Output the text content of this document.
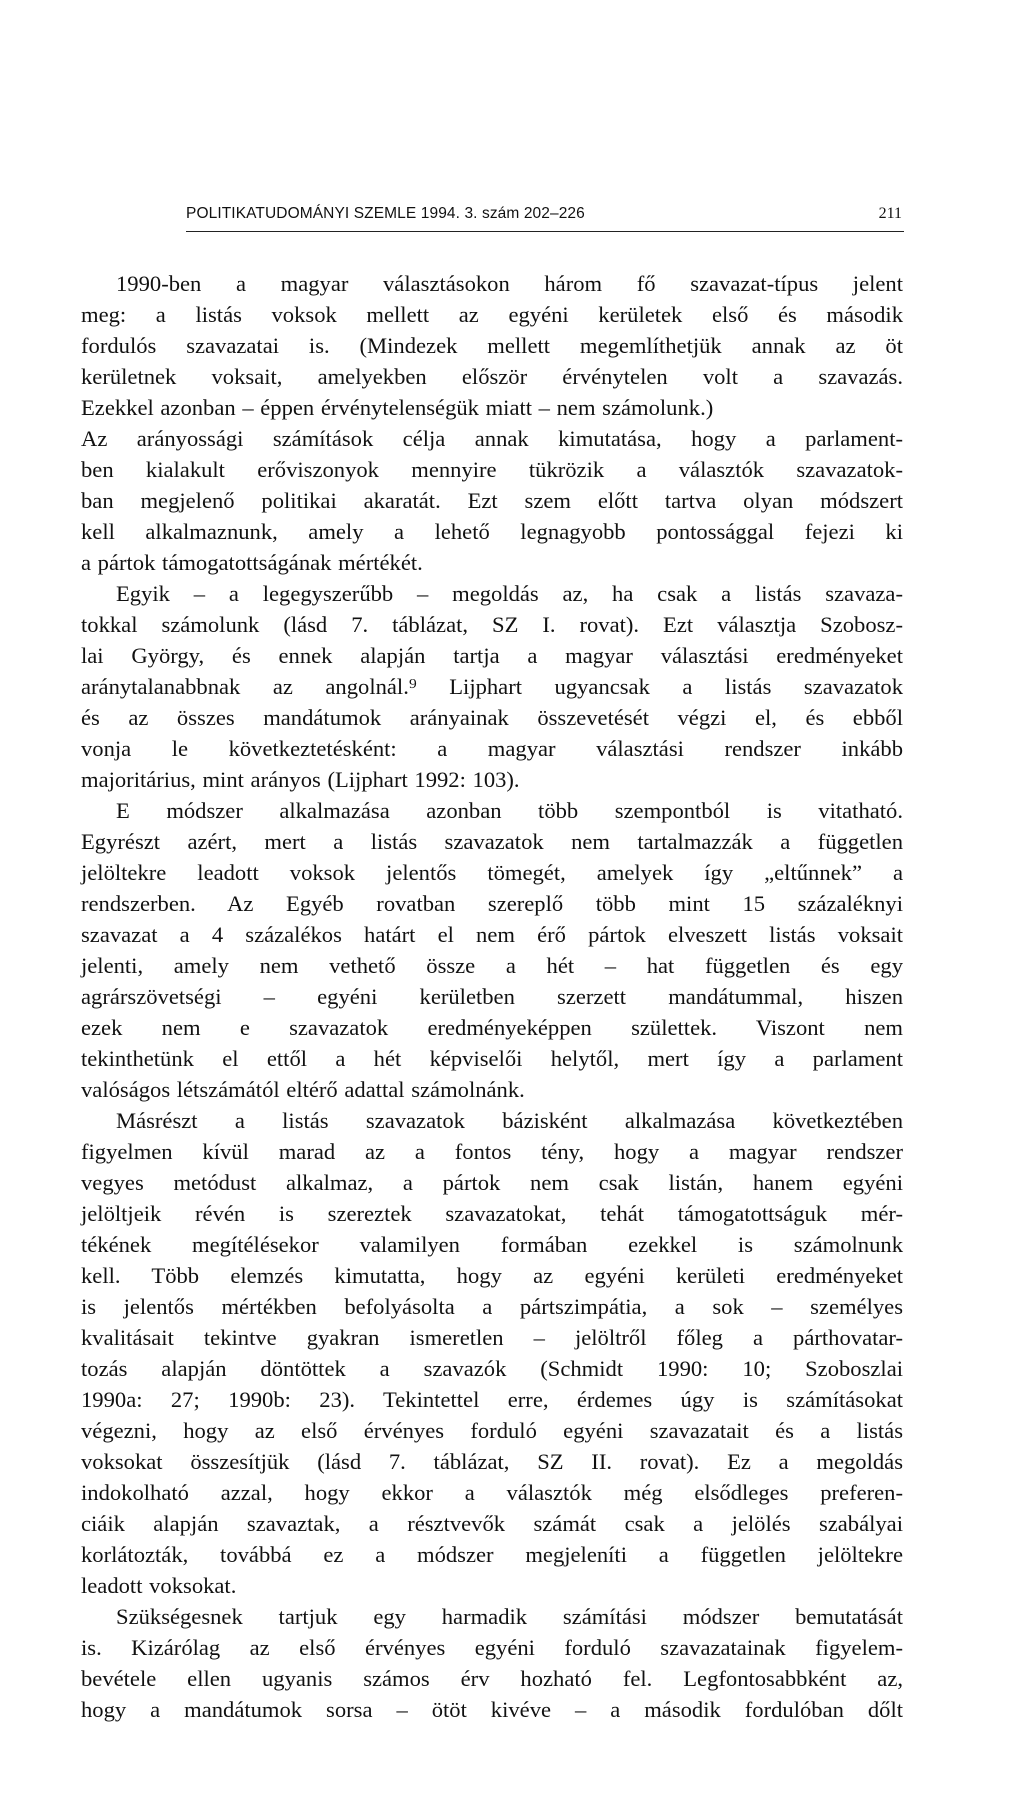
POLITIKATUDOMÁNYI SZEMLE 1994. 3. szám 202–226	211
1990-ben a magyar választásokon három fő szavazat-típus jelent
meg: a listás voksok mellett az egyéni kerületek első és második
fordulós szavazatai is. (Mindezek mellett megemlíthetjük annak az öt
kerületnek voksait, amelyekben először érvénytelen volt a szavazás.
Ezekkel azonban – éppen érvénytelenségük miatt – nem számolunk.)
Az arányossági számítások célja annak kimutatása, hogy a parlament-
ben kialakult erőviszonyok mennyire tükrözik a választók szavazatok-
ban megjelenő politikai akaratát. Ezt szem előtt tartva olyan módszert
kell alkalmaznunk, amely a lehető legnagyobb pontossággal fejezi ki
a pártok támogatottságának mértékét.
Egyik – a legegyszerűbb – megoldás az, ha csak a listás szavaza-
tokkal számolunk (lásd 7. táblázat, SZ I. rovat). Ezt választja Szobosz-
lai György, és ennek alapján tartja a magyar választási eredményeket
aránytalanabbnak az angolnál.⁹ Lijphart ugyancsak a listás szavazatok
és az összes mandátumok arányainak összevetését végzi el, és ebből
vonja le következtetésként: a magyar választási rendszer inkább
majoritárius, mint arányos (Lijphart 1992: 103).
E módszer alkalmazása azonban több szempontból is vitatható.
Egyrészt azért, mert a listás szavazatok nem tartalmazzák a független
jelöltekre leadott voksok jelentős tömegét, amelyek így „eltűnnek” a
rendszerben. Az Egyéb rovatban szereplő több mint 15 százaléknyi
szavazat a 4 százalékos határt el nem érő pártok elveszett listás voksait
jelenti, amely nem vethető össze a hét – hat független és egy
agrárszövetségi – egyéni kerületben szerzett mandátummal, hiszen
ezek nem e szavazatok eredményeképpen születtek. Viszont nem
tekinthetünk el ettől a hét képviselői helytől, mert így a parlament
valóságos létszámától eltérő adattal számolnánk.
Másrészt a listás szavazatok bázisként alkalmazása következtében
figyelmen kívül marad az a fontos tény, hogy a magyar rendszer
vegyes metódust alkalmaz, a pártok nem csak listán, hanem egyéni
jelöltjeik révén is szereztek szavazatokat, tehát támogatottságuk mér-
tékének megítélésekor valamilyen formában ezekkel is számolnunk
kell. Több elemzés kimutatta, hogy az egyéni kerületi eredményeket
is jelentős mértékben befolyásolta a pártszimpátia, a sok – személyes
kvalitásait tekintve gyakran ismeretlen – jelöltről főleg a párthovatar-
tozás alapján döntöttek a szavazók (Schmidt 1990: 10; Szoboszlai
1990a: 27; 1990b: 23). Tekintettel erre, érdemes úgy is számításokat
végezni, hogy az első érvényes forduló egyéni szavazatait és a listás
voksokat összesítjük (lásd 7. táblázat, SZ II. rovat). Ez a megoldás
indokolható azzal, hogy ekkor a választók még elsődleges preferen-
ciáik alapján szavaztak, a résztvevők számát csak a jelölés szabályai
korlátozták, továbbá ez a módszer megjeleníti a független jelöltekre
leadott voksokat.
Szükségesnek tartjuk egy harmadik számítási módszer bemutatását
is. Kizárólag az első érvényes egyéni forduló szavazatainak figyelem-
bevétele ellen ugyanis számos érv hozható fel. Legfontosabbként az,
hogy a mandátumok sorsa – ötöt kivéve – a második fordulóban dőlt
